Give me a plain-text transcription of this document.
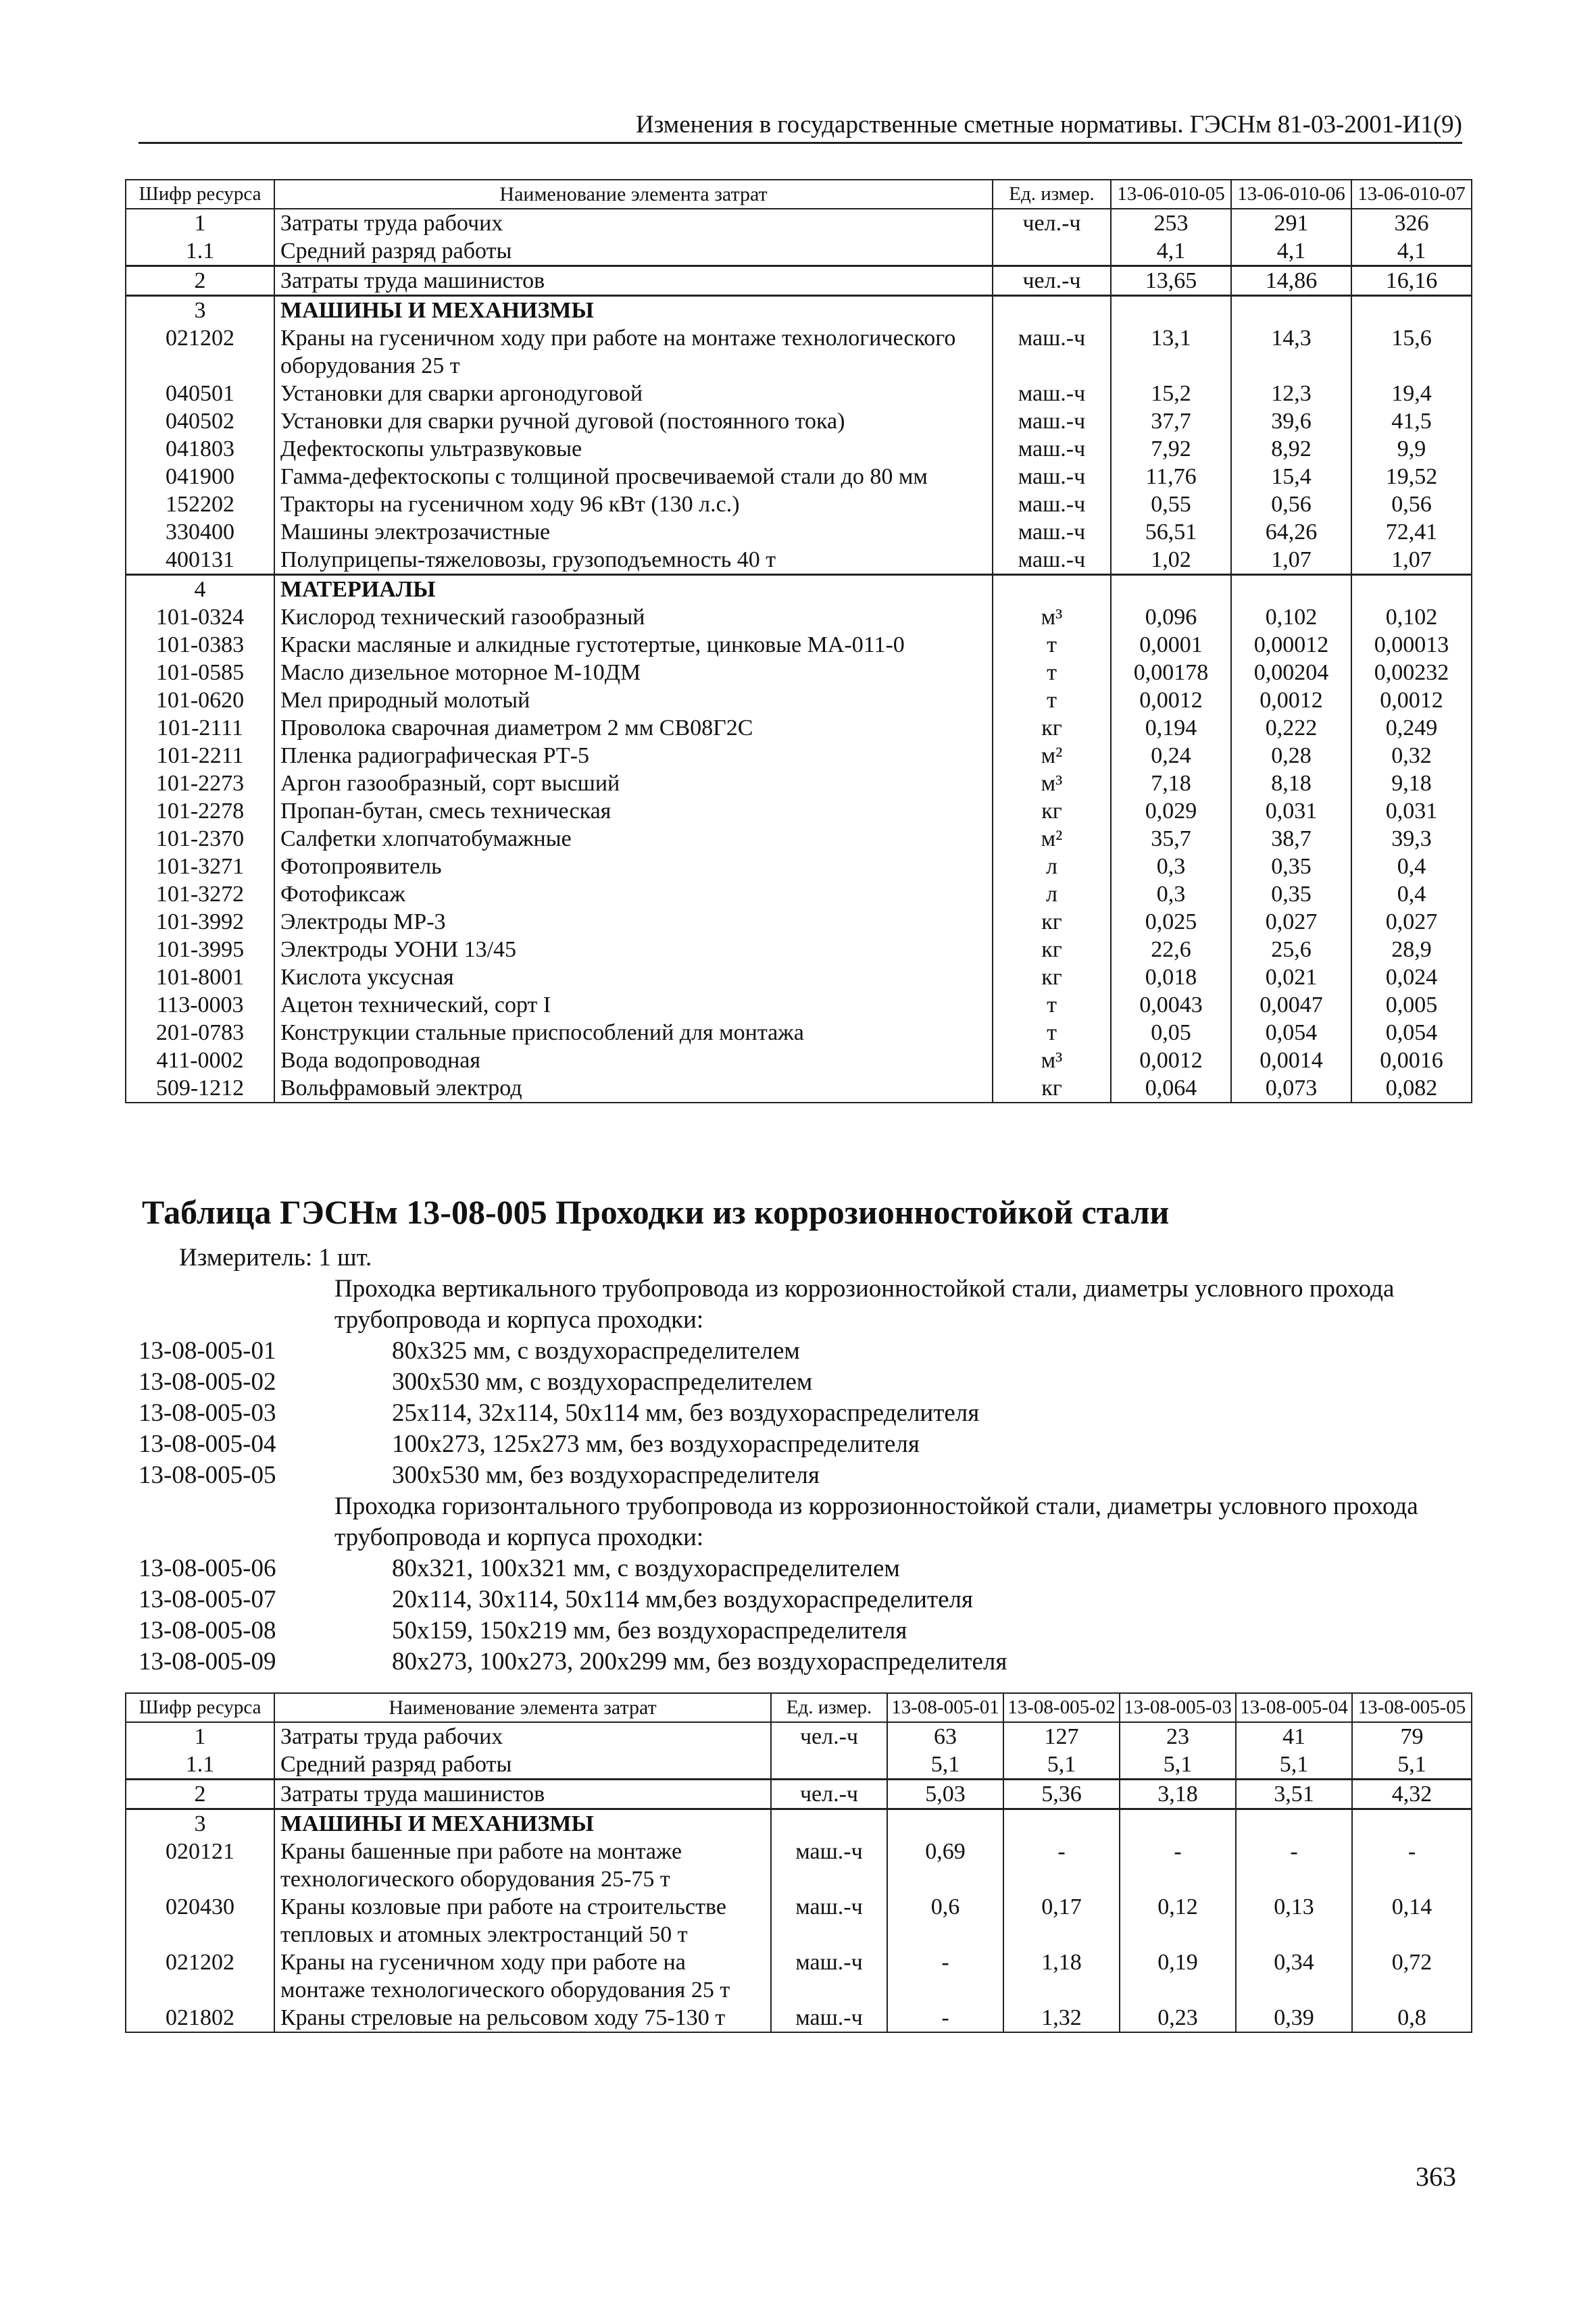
Изменения в государственные сметные нормативы. ГЭСНм 81-03-2001-И1(9)
Шифр ресурса	Наименование элемента затрат	Ед. измер.	13-06-010-05	13-06-010-06	13-06-010-07
1	Затраты труда рабочих	чел.-ч	253	291	326
1.1	Средний разряд работы		4,1	4,1	4,1
2	Затраты труда машинистов	чел.-ч	13,65	14,86	16,16
3	МАШИНЫ И МЕХАНИЗМЫ				
021202	Краны на гусеничном ходу при работе на монтаже технологического оборудования 25 т	маш.-ч	13,1	14,3	15,6
040501	Установки для сварки аргонодуговой	маш.-ч	15,2	12,3	19,4
040502	Установки для сварки ручной дуговой (постоянного тока)	маш.-ч	37,7	39,6	41,5
041803	Дефектоскопы ультразвуковые	маш.-ч	7,92	8,92	9,9
041900	Гамма-дефектоскопы с толщиной просвечиваемой стали до 80 мм	маш.-ч	11,76	15,4	19,52
152202	Тракторы на гусеничном ходу 96 кВт (130 л.с.)	маш.-ч	0,55	0,56	0,56
330400	Машины электрозачистные	маш.-ч	56,51	64,26	72,41
400131	Полуприцепы-тяжеловозы, грузоподъемность 40 т	маш.-ч	1,02	1,07	1,07
4	МАТЕРИАЛЫ				
101-0324	Кислород технический газообразный	м³	0,096	0,102	0,102
101-0383	Краски масляные и алкидные густотертые, цинковые МА-011-0	т	0,0001	0,00012	0,00013
101-0585	Масло дизельное моторное М-10ДМ	т	0,00178	0,00204	0,00232
101-0620	Мел природный молотый	т	0,0012	0,0012	0,0012
101-2111	Проволока сварочная диаметром 2 мм СВ08Г2С	кг	0,194	0,222	0,249
101-2211	Пленка радиографическая РТ-5	м²	0,24	0,28	0,32
101-2273	Аргон газообразный, сорт высший	м³	7,18	8,18	9,18
101-2278	Пропан-бутан, смесь техническая	кг	0,029	0,031	0,031
101-2370	Салфетки хлопчатобумажные	м²	35,7	38,7	39,3
101-3271	Фотопроявитель	л	0,3	0,35	0,4
101-3272	Фотофиксаж	л	0,3	0,35	0,4
101-3992	Электроды МР-3	кг	0,025	0,027	0,027
101-3995	Электроды УОНИ 13/45	кг	22,6	25,6	28,9
101-8001	Кислота уксусная	кг	0,018	0,021	0,024
113-0003	Ацетон технический, сорт I	т	0,0043	0,0047	0,005
201-0783	Конструкции стальные приспособлений для монтажа	т	0,05	0,054	0,054
411-0002	Вода водопроводная	м³	0,0012	0,0014	0,0016
509-1212	Вольфрамовый электрод	кг	0,064	0,073	0,082
Таблица ГЭСНм 13-08-005 Проходки из коррозионностойкой стали
Измеритель: 1 шт.
Проходка вертикального трубопровода из коррозионностойкой стали, диаметры условного прохода трубопровода и корпуса проходки:
13-08-005-01	80х325 мм, с воздухораспределителем
13-08-005-02	300х530 мм, с воздухораспределителем
13-08-005-03	25х114, 32х114, 50х114 мм, без воздухораспределителя
13-08-005-04	100х273, 125х273 мм, без воздухораспределителя
13-08-005-05	300х530 мм, без воздухораспределителя
Проходка горизонтального трубопровода из коррозионностойкой стали, диаметры условного прохода трубопровода и корпуса проходки:
13-08-005-06	80х321, 100х321 мм, с воздухораспределителем
13-08-005-07	20х114, 30х114, 50х114 мм,без воздухораспределителя
13-08-005-08	50х159, 150х219 мм, без воздухораспределителя
13-08-005-09	80х273, 100х273, 200х299 мм, без воздухораспределителя
Шифр ресурса	Наименование элемента затрат	Ед. измер.	13-08-005-01	13-08-005-02	13-08-005-03	13-08-005-04	13-08-005-05
1	Затраты труда рабочих	чел.-ч	63	127	23	41	79
1.1	Средний разряд работы		5,1	5,1	5,1	5,1	5,1
2	Затраты труда машинистов	чел.-ч	5,03	5,36	3,18	3,51	4,32
3	МАШИНЫ И МЕХАНИЗМЫ						
020121	Краны башенные при работе на монтаже технологического оборудования 25-75 т	маш.-ч	0,69	-	-	-	-
020430	Краны козловые при работе на строительстве тепловых и атомных электростанций 50 т	маш.-ч	0,6	0,17	0,12	0,13	0,14
021202	Краны на гусеничном ходу при работе на монтаже технологического оборудования 25 т	маш.-ч	-	1,18	0,19	0,34	0,72
021802	Краны стреловые на рельсовом ходу 75-130 т	маш.-ч	-	1,32	0,23	0,39	0,8
363
